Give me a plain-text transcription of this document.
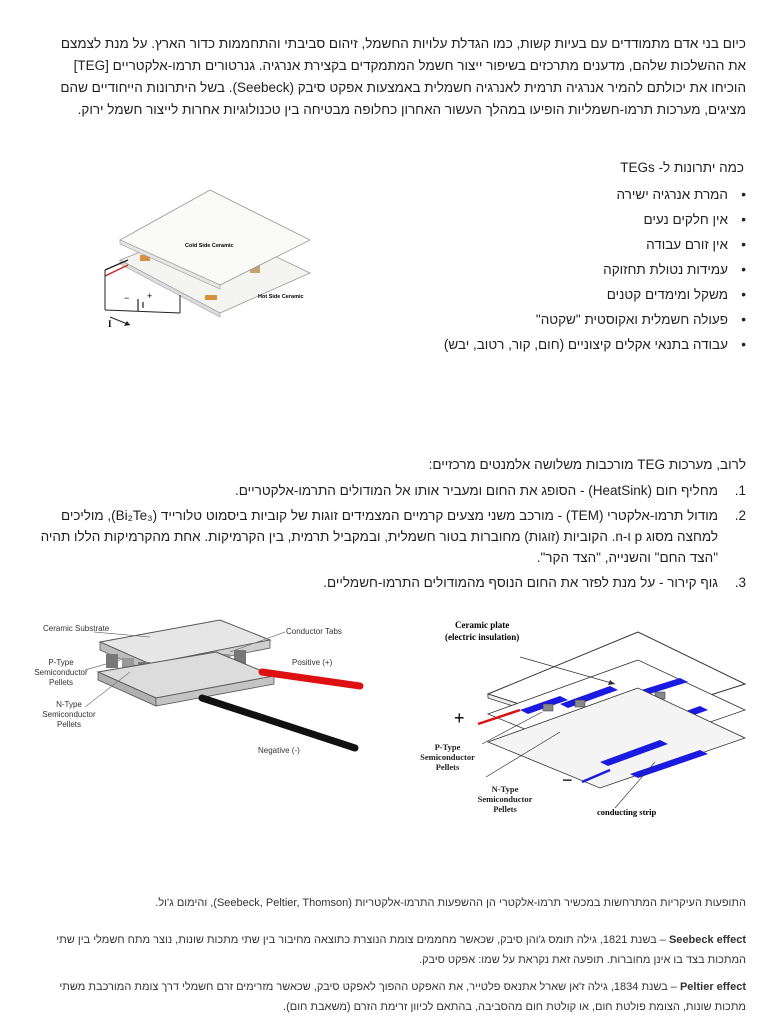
כיום בני אדם מתמודדים עם בעיות קשות, כמו הגדלת עלויות החשמל, זיהום סביבתי והתחממות כדור הארץ. על מנת לצמצם את ההשלכות שלהם, מדענים מתרכזים בשיפור ייצור חשמל המתמקדים בקצירת אנרגיה. גנרטורים תרמו-אלקטריים [TEG] הוכיחו את יכולתם להמיר אנרגיה תרמית לאנרגיה חשמלית באמצעות אפקט סיבק (Seebeck). בשל היתרונות הייחודיים שהם מציגים, מערכות תרמו-חשמליות הופיעו במהלך העשור האחרון כחלופה מבטיחה בין טכנולוגיות אחרות לייצור חשמל ירוק.

− +
I
Cold Side Ceramic
Hot Side Ceramic
כמה יתרונות ל- TEGs
• המרת אנרגיה ישירה
• אין חלקים נעים
• אין זורם עבודה
• עמידות נטולת תחזוקה
• משקל ומימדים קטנים
• פעולה חשמלית ואקוסטית "שקטה"
• עבודה בתנאי אקלים קיצוניים (חום, קור, רטוב, יבש)
לרוב, מערכות TEG מורכבות משלושה אלמנטים מרכזיים:
1.
מחליף חום (HeatSink) - הסופג את החום ומעביר אותו אל המודולים התרמו-אלקטריים.
2.
מודול תרמו-אלקטרי (TEM) - מורכב משני מצעים קרמיים המצמידים זוגות של קוביות ביסמוט טלורייד (Bi₂Te₃), מוליכים למחצה מסוג p ו-n. הקוביות (זוגות) מחוברות בטור חשמלית, ובמקביל תרמית, בין הקרמיקות. אחת מהקרמיקות הללו תהיה "הצד החם" והשנייה, "הצד הקר".
3.
גוף קירור - על מנת לפזר את החום הנוסף מהמודולים התרמו-חשמליים.
Ceramic Substrate	Conductor Tabs
Positive (+)
Negative (-)
P-Type Semiconductor Pellets
N-Type Semiconductor Pellets
Ceramic plate
(electric insulation)
+
−
P-Type Semiconductor Pellets
N-Type Semiconductor Pellets	conducting strip
התופעות העיקריות המתרחשות במכשיר תרמו-אלקטרי הן ההשפעות התרמו-אלקטריות (Seebeck, Peltier, Thomson), והימום ג'ול.
Seebeck effect – בשנת 1821, גילה תומס ג'והן סיבק, שכאשר מחממים צומת הנוצרת כתוצאה מחיבור בין שתי מתכות שונות, נוצר מתח חשמלי בין שתי המתכות בצד בו אינן מחוברות. תופעה זאת נקראת על שמו: אפקט סיבק.
Peltier effect – בשנת 1834, גילה ז'אן שארל אתנאס פלטייר, את האפקט ההפוך לאפקט סיבק, שכאשר מזרימים זרם חשמלי דרך צומת המורכבת משתי מתכות שונות, הצומת פולטת חום, או קולטת חום מהסביבה, בהתאם לכיוון זרימת הזרם (משאבת חום).
